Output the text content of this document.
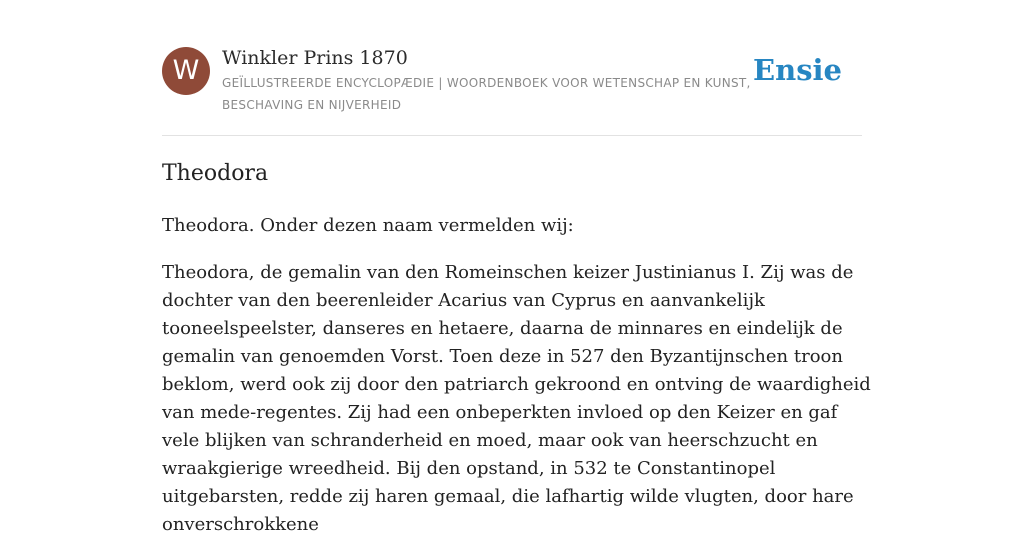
W	Winkler Prins 1870
GEÏLLUSTREERDE ENCYCLOPÆDIE | WOORDENBOEK VOOR WETENSCHAP EN KUNST, BESCHAVING EN NIJVERHEID
Ensie
Theodora

Theodora. Onder dezen naam vermelden wij:

Theodora, de gemalin van den Romeinschen keizer Justinianus I. Zij was de dochter van den beerenleider Acarius van Cyprus en aanvankelijk tooneelspeelster, danseres en hetaere, daarna de minnares en eindelijk de gemalin van genoemden Vorst. Toen deze in 527 den Byzantijnschen troon beklom, werd ook zij door den patriarch gekroond en ontving de waardigheid van mede-regentes. Zij had een onbeperkten invloed op den Keizer en gaf vele blijken van schranderheid en moed, maar ook van heerschzucht en wraakgierige wreedheid. Bij den opstand, in 532 te Constantinopel uitgebarsten, redde zij haren gemaal, die lafhartig wilde vlugten, door hare onverschrokkene
